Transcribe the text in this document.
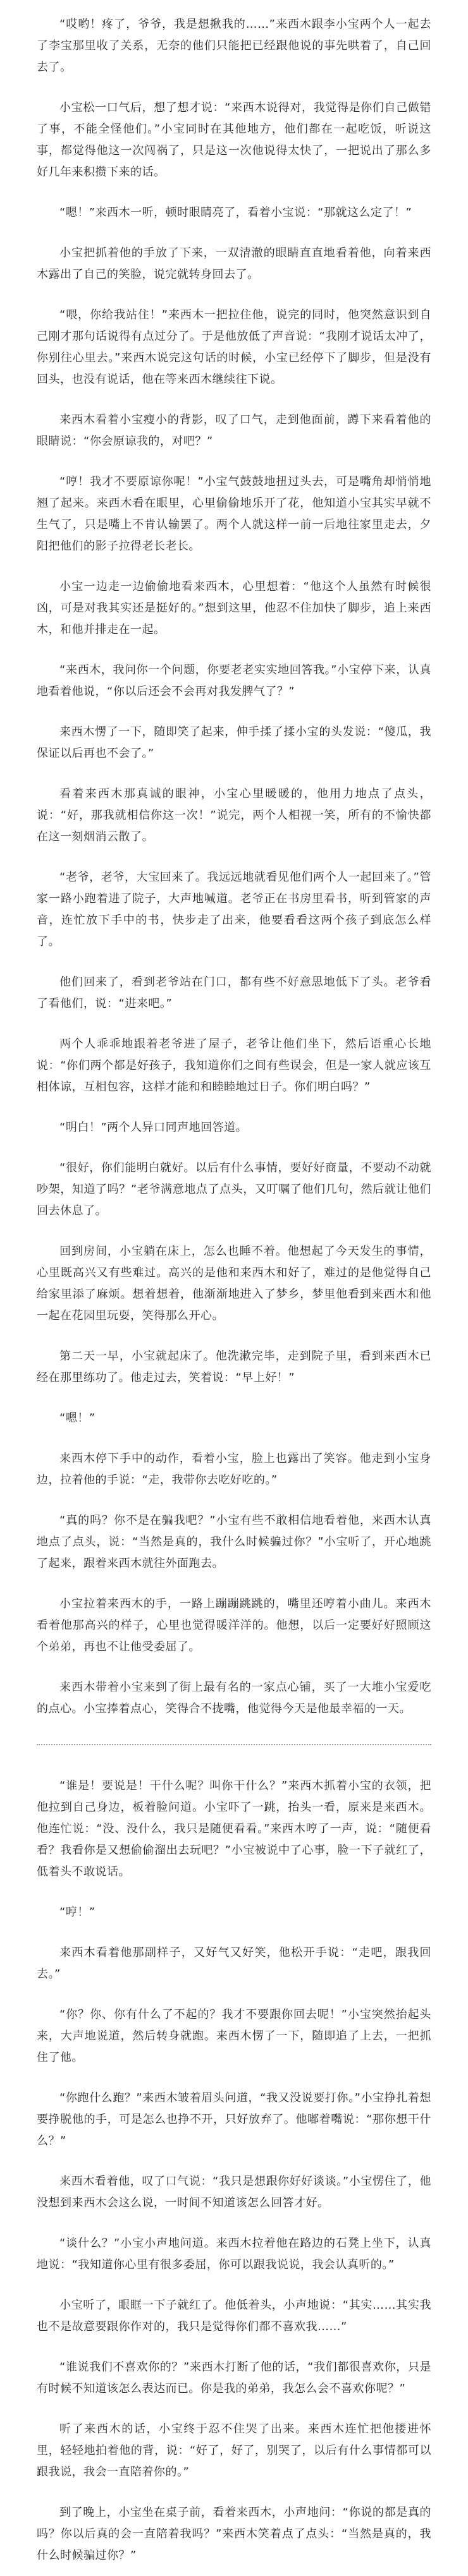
“哎哟！疼了，爷爷，我是想揪我的……”来西木跟李小宝两个人一起去了李宝那里收了关系，无奈的他们只能把已经跟他说的事先哄着了，自己回去了。

小宝松一口气后，想了想才说：“来西木说得对，我觉得是你们自己做错了事，不能全怪他们。”小宝同时在其他地方，他们都在一起吃饭，听说这事，都觉得他这一次闯祸了，只是这一次他说得太快了，一把说出了那么多好几年来积攒下来的话。

“嗯！”来西木一听，顿时眼睛亮了，看着小宝说：“那就这么定了！”

小宝把抓着他的手放了下来，一双清澈的眼睛直直地看着他，向着来西木露出了自己的笑脸，说完就转身回去了。

“喂，你给我站住！”来西木一把拉住他，说完的同时，他突然意识到自己刚才那句话说得有点过分了。于是他放低了声音说：“我刚才说话太冲了，你别往心里去。”来西木说完这句话的时候，小宝已经停下了脚步，但是没有回头，也没有说话，他在等来西木继续往下说。

来西木看着小宝瘦小的背影，叹了口气，走到他面前，蹲下来看着他的眼睛说：“你会原谅我的，对吧？”

“哼！我才不要原谅你呢！”小宝气鼓鼓地扭过头去，可是嘴角却悄悄地翘了起来。来西木看在眼里，心里偷偷地乐开了花，他知道小宝其实早就不生气了，只是嘴上不肯认输罢了。两个人就这样一前一后地往家里走去，夕阳把他们的影子拉得老长老长。

小宝一边走一边偷偷地看来西木，心里想着：“他这个人虽然有时候很凶，可是对我其实还是挺好的。”想到这里，他忍不住加快了脚步，追上来西木，和他并排走在一起。

“来西木，我问你一个问题，你要老老实实地回答我。”小宝停下来，认真地看着他说，“你以后还会不会再对我发脾气了？”

来西木愣了一下，随即笑了起来，伸手揉了揉小宝的头发说：“傻瓜，我保证以后再也不会了。”

看着来西木那真诚的眼神，小宝心里暖暖的，他用力地点了点头，说：“好，那我就相信你这一次！”说完，两个人相视一笑，所有的不愉快都在这一刻烟消云散了。

“老爷，老爷，大宝回来了。我远远地就看见他们两个人一起回来了。”管家一路小跑着进了院子，大声地喊道。老爷正在书房里看书，听到管家的声音，连忙放下手中的书，快步走了出来，他要看看这两个孩子到底怎么样了。

他们回来了，看到老爷站在门口，都有些不好意思地低下了头。老爷看了看他们，说：“进来吧。”

两个人乖乖地跟着老爷进了屋子，老爷让他们坐下，然后语重心长地说：“你们两个都是好孩子，我知道你们之间有些误会，但是一家人就应该互相体谅，互相包容，这样才能和和睦睦地过日子。你们明白吗？”

“明白！”两个人异口同声地回答道。

“很好，你们能明白就好。以后有什么事情，要好好商量，不要动不动就吵架，知道了吗？”老爷满意地点了点头，又叮嘱了他们几句，然后就让他们回去休息了。

回到房间，小宝躺在床上，怎么也睡不着。他想起了今天发生的事情，心里既高兴又有些难过。高兴的是他和来西木和好了，难过的是他觉得自己给家里添了麻烦。想着想着，他渐渐地进入了梦乡，梦里他看到来西木和他一起在花园里玩耍，笑得那么开心。

第二天一早，小宝就起床了。他洗漱完毕，走到院子里，看到来西木已经在那里练功了。他走过去，笑着说：“早上好！”

“嗯！”

来西木停下手中的动作，看着小宝，脸上也露出了笑容。他走到小宝身边，拉着他的手说：“走，我带你去吃好吃的。”

“真的吗？你不是在骗我吧？”小宝有些不敢相信地看着他，来西木认真地点了点头，说：“当然是真的，我什么时候骗过你？”小宝听了，开心地跳了起来，跟着来西木就往外面跑去。

小宝拉着来西木的手，一路上蹦蹦跳跳的，嘴里还哼着小曲儿。来西木看着他那高兴的样子，心里也觉得暖洋洋的。他想，以后一定要好好照顾这个弟弟，再也不让他受委屈了。

来西木带着小宝来到了街上最有名的一家点心铺，买了一大堆小宝爱吃的点心。小宝捧着点心，笑得合不拢嘴，他觉得今天是他最幸福的一天。

“谁是！要说是！干什么呢？叫你干什么？”来西木抓着小宝的衣领，把他拉到自己身边，板着脸问道。小宝吓了一跳，抬头一看，原来是来西木。他连忙说：“没、没什么，我只是随便看看。”来西木哼了一声，说：“随便看看？我看你是又想偷偷溜出去玩吧？”小宝被说中了心事，脸一下子就红了，低着头不敢说话。

“哼！”

来西木看着他那副样子，又好气又好笑，他松开手说：“走吧，跟我回去。”

“你？你、你有什么了不起的？我才不要跟你回去呢！”小宝突然抬起头来，大声地说道，然后转身就跑。来西木愣了一下，随即追了上去，一把抓住了他。

“你跑什么跑？”来西木皱着眉头问道，“我又没说要打你。”小宝挣扎着想要挣脱他的手，可是怎么也挣不开，只好放弃了。他嘟着嘴说：“那你想干什么？”

来西木看着他，叹了口气说：“我只是想跟你好好谈谈。”小宝愣住了，他没想到来西木会这么说，一时间不知道该怎么回答才好。

“谈什么？”小宝小声地问道。来西木拉着他在路边的石凳上坐下，认真地说：“我知道你心里有很多委屈，你可以跟我说说，我会认真听的。”

小宝听了，眼眶一下子就红了。他低着头，小声地说：“其实……其实我也不是故意要跟你作对的，我只是觉得你们都不喜欢我……”

“谁说我们不喜欢你的？”来西木打断了他的话，“我们都很喜欢你，只是有时候不知道该怎么表达而已。你是我的弟弟，我怎么会不喜欢你呢？”

听了来西木的话，小宝终于忍不住哭了出来。来西木连忙把他搂进怀里，轻轻地拍着他的背，说：“好了，好了，别哭了，以后有什么事情都可以跟我说，我会一直陪着你的。”

到了晚上，小宝坐在桌子前，看着来西木，小声地问：“你说的都是真的吗？你以后真的会一直陪着我吗？”来西木笑着点了点头：“当然是真的，我什么时候骗过你？”
